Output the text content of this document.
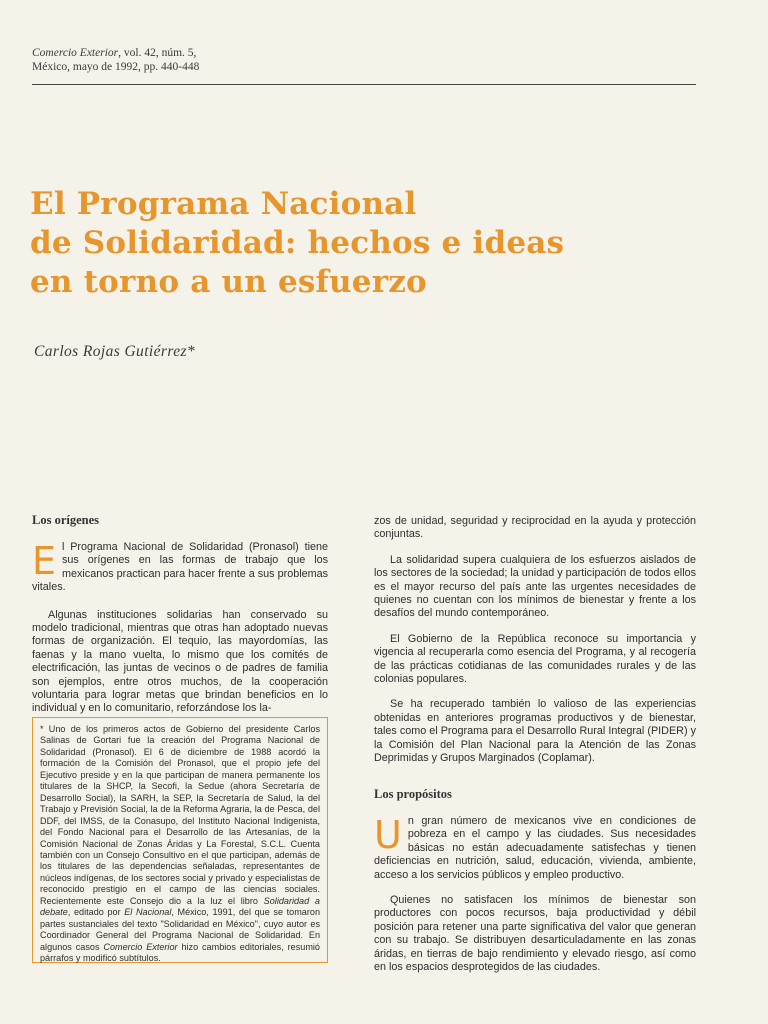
Comercio Exterior, vol. 42, núm. 5,
México, mayo de 1992, pp. 440-448
El Programa Nacional
de Solidaridad: hechos e ideas
en torno a un esfuerzo
Carlos Rojas Gutiérrez*
Los orígenes

El Programa Nacional de Solidaridad (Pronasol) tiene sus orígenes en las formas de trabajo que los mexicanos practican para hacer frente a sus problemas vitales.

Algunas instituciones solidarias han conservado su modelo tradicional, mientras que otras han adoptado nuevas formas de organización. El tequio, las mayordomías, las faenas y la mano vuelta, lo mismo que los comités de electrificación, las juntas de vecinos o de padres de familia son ejemplos, entre otros muchos, de la cooperación voluntaria para lograr metas que brindan beneficios en lo individual y en lo comunitario, reforzándose los la-

* Uno de los primeros actos de Gobierno del presidente Carlos Salinas de Gortari fue la creación del Programa Nacional de Solidaridad (Pronasol). El 6 de diciembre de 1988 acordó la formación de la Comisión del Pronasol, que el propio jefe del Ejecutivo preside y en la que participan de manera permanente los titulares de la SHCP, la Secofi, la Sedue (ahora Secretaría de Desarrollo Social), la SARH, la SEP, la Secretaría de Salud, la del Trabajo y Previsión Social, la de la Reforma Agraria, la de Pesca, del DDF, del IMSS, de la Conasupo, del Instituto Nacional Indigenista, del Fondo Nacional para el Desarrollo de las Artesanías, de la Comisión Nacional de Zonas Áridas y La Forestal, S.C.L. Cuenta también con un Consejo Consultivo en el que participan, además de los titulares de las dependencias señaladas, representantes de núcleos indígenas, de los sectores social y privado y especialistas de reconocido prestigio en el campo de las ciencias sociales. Recientemente este Consejo dio a la luz el libro Solidaridad a debate, editado por El Nacional, México, 1991, del que se tomaron partes sustanciales del texto "Solidaridad en México", cuyo autor es Coordinador General del Programa Nacional de Solidaridad. En algunos casos Comercio Exterior hizo cambios editoriales, resumió párrafos y modificó subtítulos.

zos de unidad, seguridad y reciprocidad en la ayuda y protección conjuntas.

La solidaridad supera cualquiera de los esfuerzos aislados de los sectores de la sociedad; la unidad y participación de todos ellos es el mayor recurso del país ante las urgentes necesidades de quienes no cuentan con los mínimos de bienestar y frente a los desafíos del mundo contemporáneo.

El Gobierno de la República reconoce su importancia y vigencia al recuperarla como esencia del Programa, y al recogería de las prácticas cotidianas de las comunidades rurales y de las colonias populares.

Se ha recuperado también lo valioso de las experiencias obtenidas en anteriores programas productivos y de bienestar, tales como el Programa para el Desarrollo Rural Integral (PIDER) y la Comisión del Plan Nacional para la Atención de las Zonas Deprimidas y Grupos Marginados (Coplamar).

Los propósitos

Un gran número de mexicanos vive en condiciones de pobreza en el campo y las ciudades. Sus necesidades básicas no están adecuadamente satisfechas y tienen deficiencias en nutrición, salud, educación, vivienda, ambiente, acceso a los servicios públicos y empleo productivo.

Quienes no satisfacen los mínimos de bienestar son productores con pocos recursos, baja productividad y débil posición para retener una parte significativa del valor que generan con su trabajo. Se distribuyen desarticuladamente en las zonas áridas, en tierras de bajo rendimiento y elevado riesgo, así como en los espacios desprotegidos de las ciudades.
